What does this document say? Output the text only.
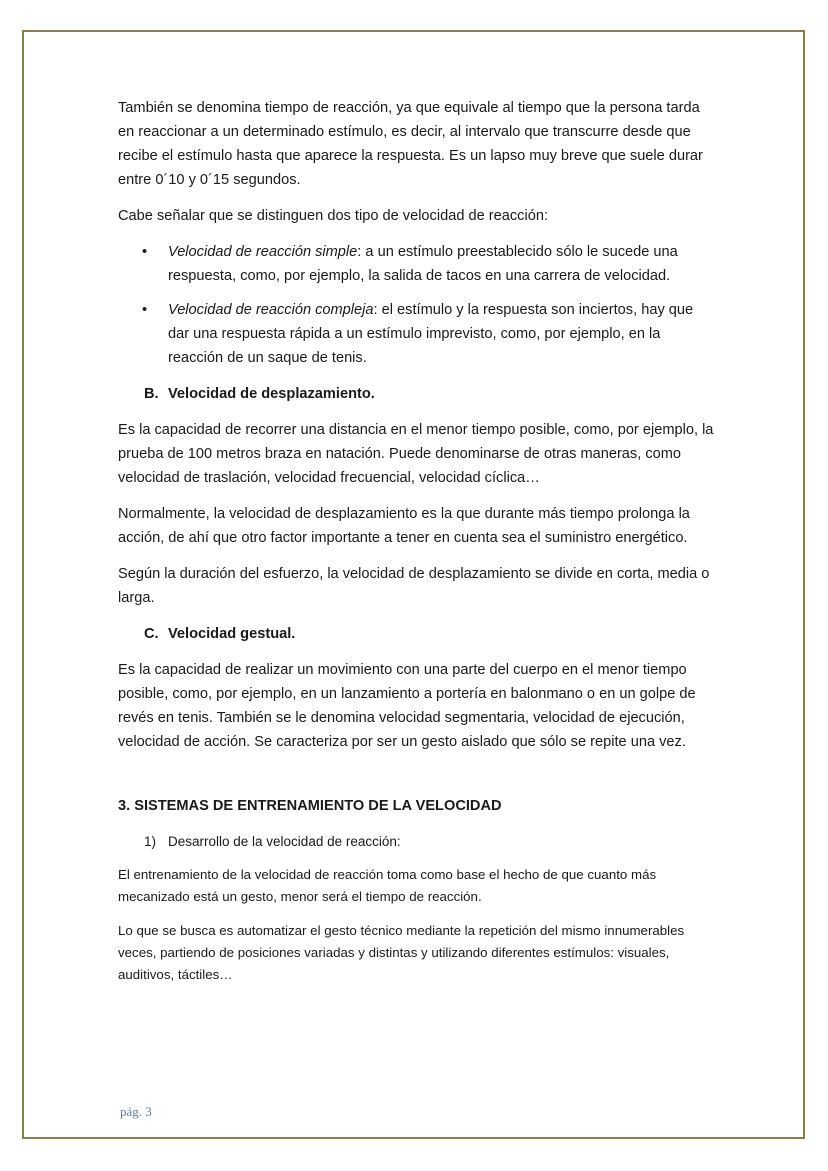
También se denomina tiempo de reacción, ya que equivale al tiempo que la persona tarda en reaccionar a un determinado estímulo, es decir, al intervalo que transcurre desde que recibe el estímulo hasta que aparece la respuesta. Es un lapso muy breve que suele durar entre 0´10 y 0´15 segundos.

Cabe señalar que se distinguen dos tipo de velocidad de reacción:

• Velocidad de reacción simple: a un estímulo preestablecido sólo le sucede una respuesta, como, por ejemplo, la salida de tacos en una carrera de velocidad.
• Velocidad de reacción compleja: el estímulo y la respuesta son inciertos, hay que dar una respuesta rápida a un estímulo imprevisto, como, por ejemplo, en la reacción de un saque de tenis.

B. Velocidad de desplazamiento.

Es la capacidad de recorrer una distancia en el menor tiempo posible, como, por ejemplo, la prueba de 100 metros braza en natación. Puede denominarse de otras maneras, como velocidad de traslación, velocidad frecuencial, velocidad cíclica…

Normalmente, la velocidad de desplazamiento es la que durante más tiempo prolonga la acción, de ahí que otro factor importante a tener en cuenta sea el suministro energético.

Según la duración del esfuerzo, la velocidad de desplazamiento se divide en corta, media o larga.

C. Velocidad gestual.

Es la capacidad de realizar un movimiento con una parte del cuerpo en el menor tiempo posible, como, por ejemplo, en un lanzamiento a portería en balonmano o en un golpe de revés en tenis. También se le denomina velocidad segmentaria, velocidad de ejecución, velocidad de acción. Se caracteriza por ser un gesto aislado que sólo se repite una vez.

3. SISTEMAS DE ENTRENAMIENTO DE LA VELOCIDAD

1) Desarrollo de la velocidad de reacción:

El entrenamiento de la velocidad de reacción toma como base el hecho de que cuanto más mecanizado está un gesto, menor será el tiempo de reacción.

Lo que se busca es automatizar el gesto técnico mediante la repetición del mismo innumerables veces, partiendo de posiciones variadas y distintas y utilizando diferentes estímulos: visuales, auditivos, táctiles…

pág. 3
